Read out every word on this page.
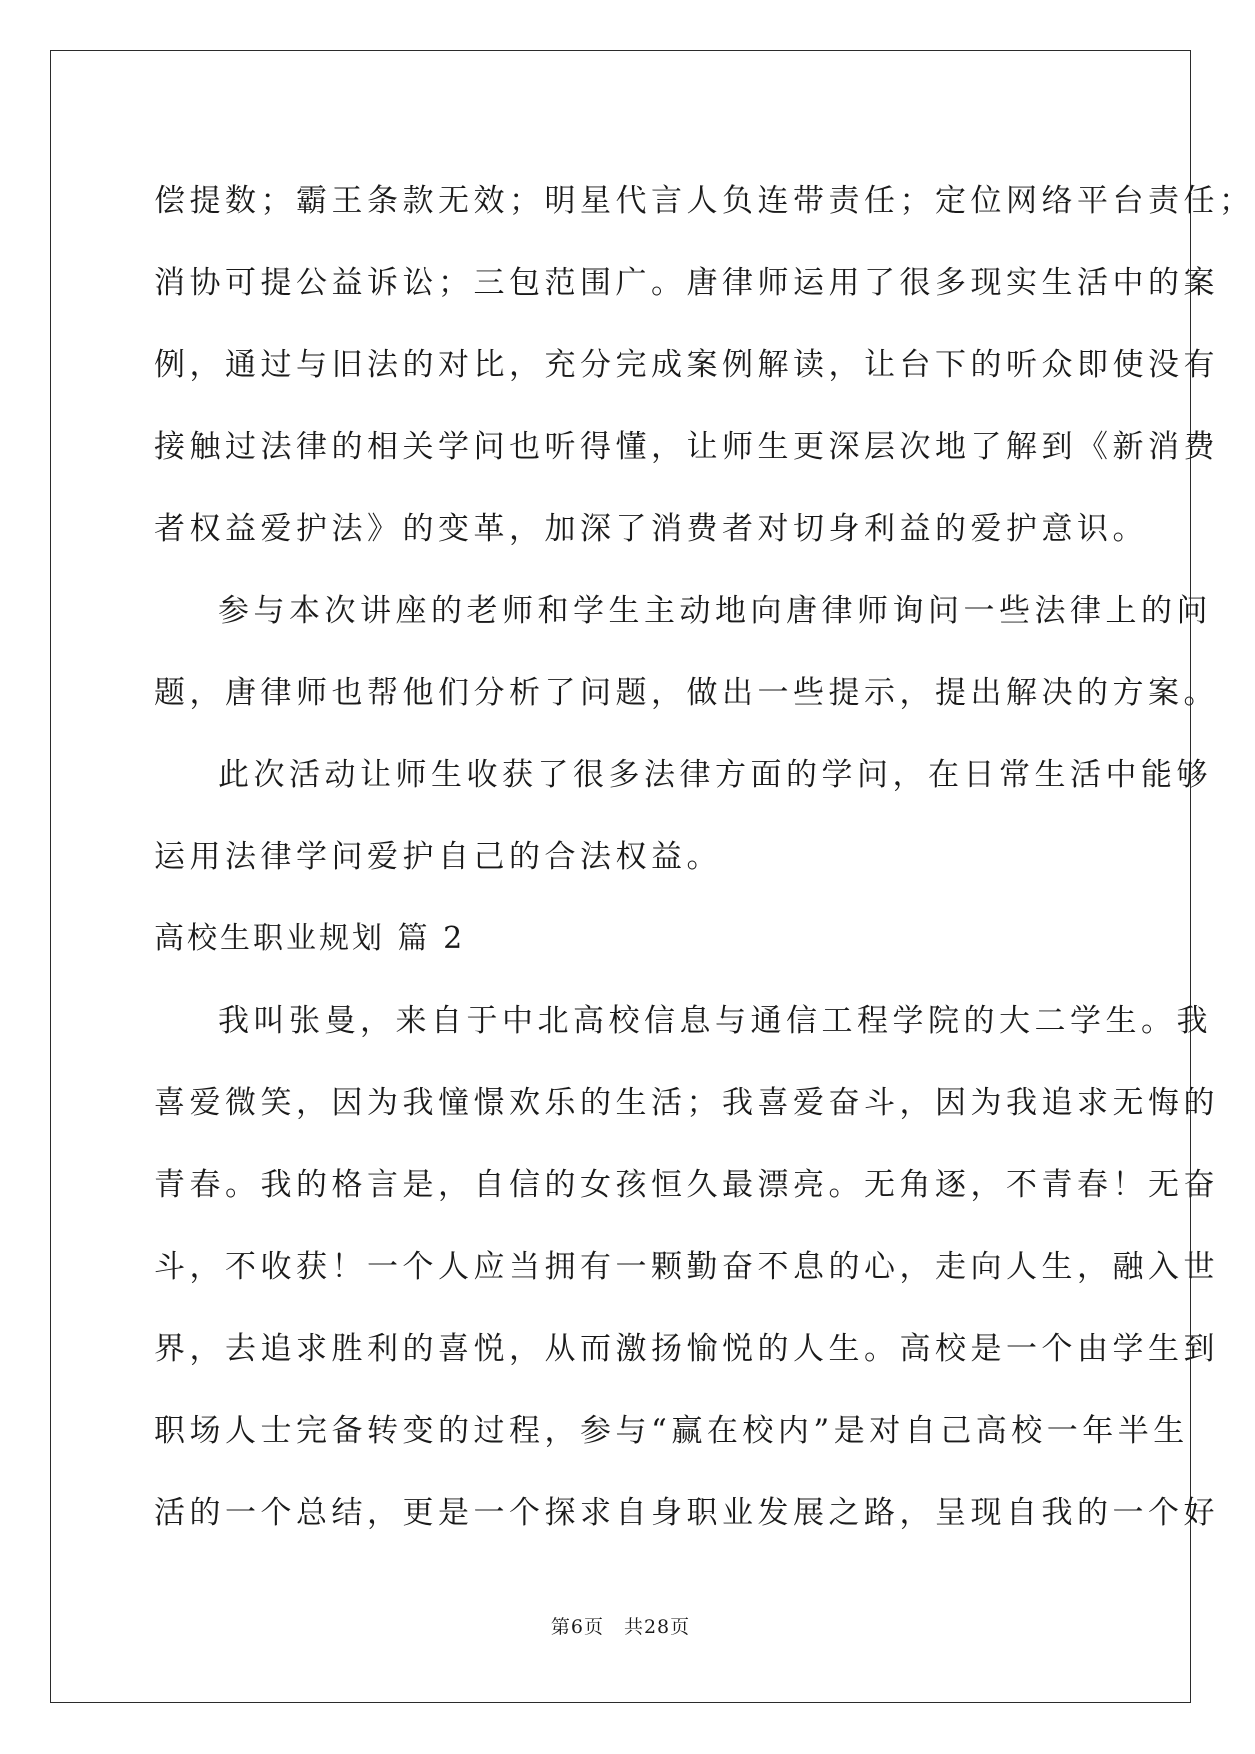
偿提数；霸王条款无效；明星代言人负连带责任；定位网络平台责任；
消协可提公益诉讼；三包范围广。唐律师运用了很多现实生活中的案
例，通过与旧法的对比，充分完成案例解读，让台下的听众即使没有
接触过法律的相关学问也听得懂，让师生更深层次地了解到《新消费
者权益爱护法》的变革，加深了消费者对切身利益的爱护意识。
参与本次讲座的老师和学生主动地向唐律师询问一些法律上的问
题，唐律师也帮他们分析了问题，做出一些提示，提出解决的方案。
此次活动让师生收获了很多法律方面的学问，在日常生活中能够
运用法律学问爱护自己的合法权益。
高校生职业规划 篇 2
我叫张曼，来自于中北高校信息与通信工程学院的大二学生。我
喜爱微笑，因为我憧憬欢乐的生活；我喜爱奋斗，因为我追求无悔的
青春。我的格言是，自信的女孩恒久最漂亮。无角逐，不青春！无奋
斗，不收获！一个人应当拥有一颗勤奋不息的心，走向人生，融入世
界，去追求胜利的喜悦，从而激扬愉悦的人生。高校是一个由学生到
职场人士完备转变的过程，参与“赢在校内”是对自己高校一年半生
活的一个总结，更是一个探求自身职业发展之路，呈现自我的一个好
第6页　共28页
